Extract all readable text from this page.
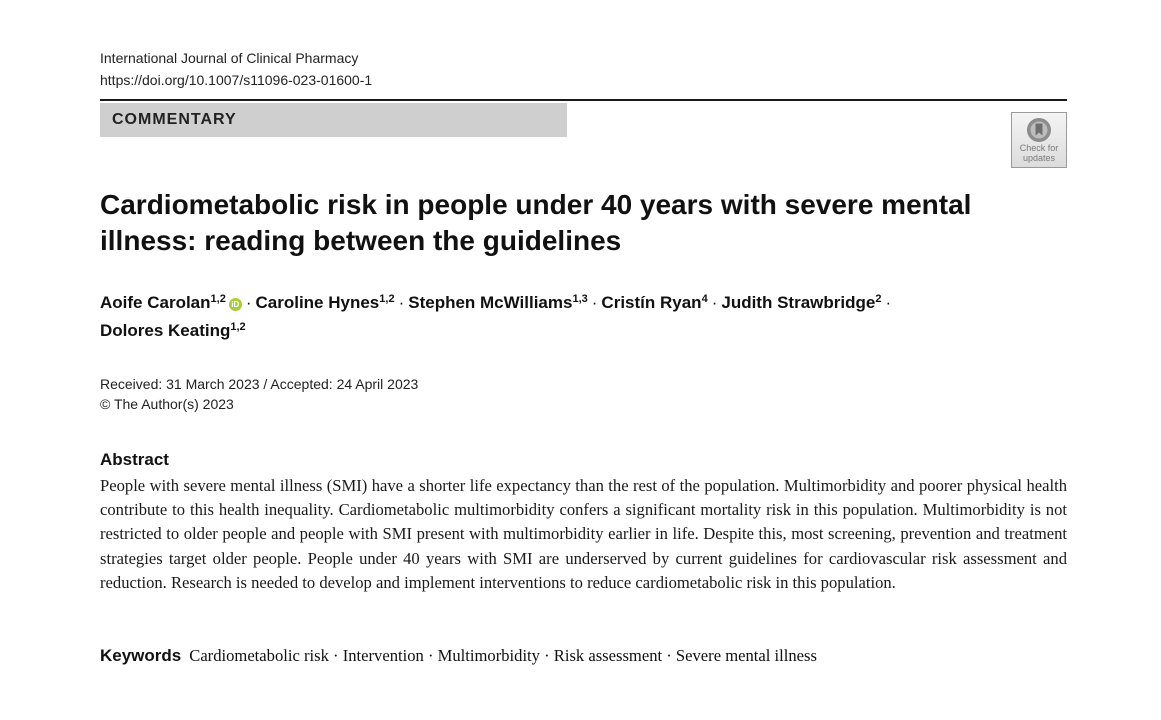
International Journal of Clinical Pharmacy
https://doi.org/10.1007/s11096-023-01600-1
COMMENTARY
Check for
updates
Cardiometabolic risk in people under 40 years with severe mental
illness: reading between the guidelines
Aoife Carolan$^{1,2}$ iD · Caroline Hynes$^{1,2}$ · Stephen McWilliams$^{1,3}$ · Cristín Ryan$^4$ · Judith Strawbridge$^2$ ·
Dolores Keating$^{1,2}$
Received: 31 March 2023 / Accepted: 24 April 2023
© The Author(s) 2023
Abstract
People with severe mental illness (SMI) have a shorter life expectancy than the rest of the population. Multimorbidity and poorer physical health contribute to this health inequality. Cardiometabolic multimorbidity confers a significant mortality risk in this population. Multimorbidity is not restricted to older people and people with SMI present with multimorbidity earlier in life. Despite this, most screening, prevention and treatment strategies target older people. People under 40 years with SMI are underserved by current guidelines for cardiovascular risk assessment and reduction. Research is needed to develop and implement interventions to reduce cardiometabolic risk in this population.
Keywords Cardiometabolic risk · Intervention · Multimorbidity · Risk assessment · Severe mental illness
